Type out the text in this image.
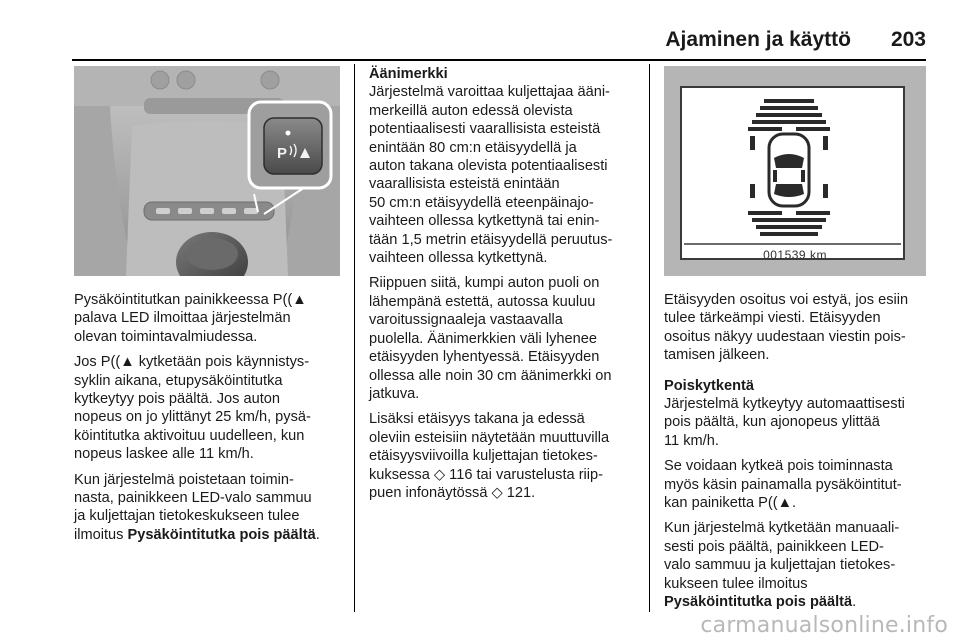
Ajaminen ja käyttö 203
P

Pysäköintitutkan painikkeessa P((▲
palava LED ilmoittaa järjestelmän
olevan toimintavalmiudessa.

Jos P((▲ kytketään pois käynnistys-
syklin aikana, etupysäköintitutka
kytkeytyy pois päältä. Jos auton
nopeus on jo ylittänyt 25 km/h, pysä-
köintitutka aktivoituu uudelleen, kun
nopeus laskee alle 11 km/h.

Kun järjestelmä poistetaan toimin-
nasta, painikkeen LED-valo sammuu
ja kuljettajan tietokeskukseen tulee
ilmoitus Pysäköintitutka pois päältä.

Äänimerkki

Järjestelmä varoittaa kuljettajaa ääni-
merkeillä auton edessä olevista
potentiaalisesti vaarallisista esteistä
enintään 80 cm:n etäisyydellä ja
auton takana olevista potentiaalisesti
vaarallisista esteistä enintään
50 cm:n etäisyydellä eteenpäinajo-
vaihteen ollessa kytkettynä tai enin-
tään 1,5 metrin etäisyydellä peruutus-
vaihteen ollessa kytkettynä.

Riippuen siitä, kumpi auton puoli on
lähempänä estettä, autossa kuuluu
varoitussignaaleja vastaavalla
puolella. Äänimerkkien väli lyhenee
etäisyyden lyhentyessä. Etäisyyden
ollessa alle noin 30 cm äänimerkki on
jatkuva.

Lisäksi etäisyys takana ja edessä
oleviin esteisiin näytetään muuttuvilla
etäisyysviivoilla kuljettajan tietokes-
kuksessa ◇ 116 tai varustelusta riip-
puen infonäytössä ◇ 121.

001539 km

Etäisyyden osoitus voi estyä, jos esiin
tulee tärkeämpi viesti. Etäisyyden
osoitus näkyy uudestaan viestin pois-
tamisen jälkeen.

Poiskytkentä

Järjestelmä kytkeytyy automaattisesti
pois päältä, kun ajonopeus ylittää
11 km/h.

Se voidaan kytkeä pois toiminnasta
myös käsin painamalla pysäköintitut-
kan painiketta P((▲.

Kun järjestelmä kytketään manuaali-
sesti pois päältä, painikkeen LED-
valo sammuu ja kuljettajan tietokes-
kukseen tulee ilmoitus
Pysäköintitutka pois päältä.

carmanualsonline.info
